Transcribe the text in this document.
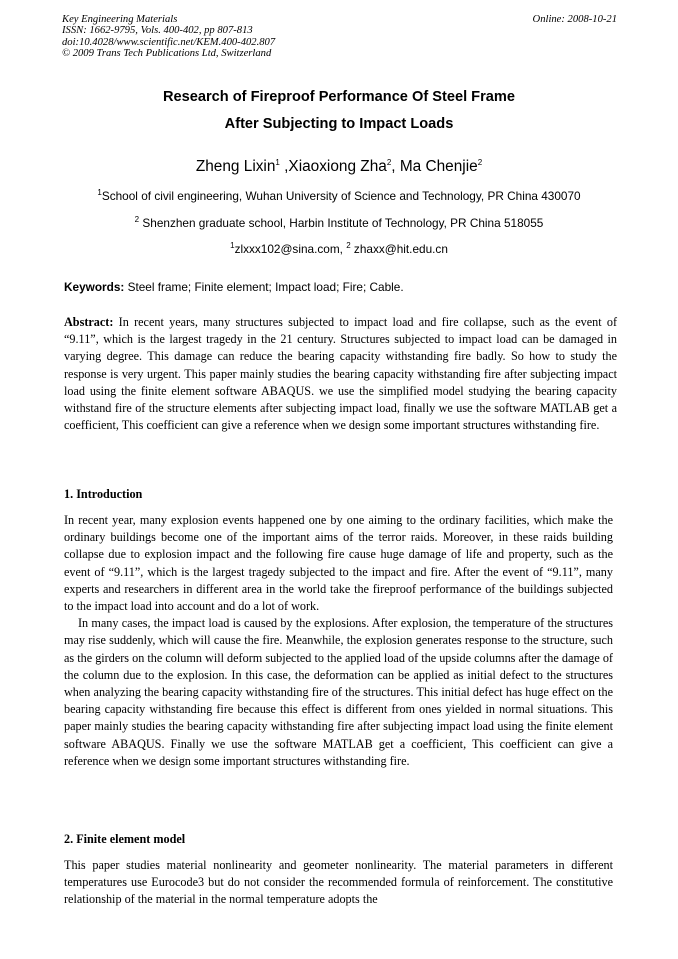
Key Engineering Materials
ISSN: 1662-9795, Vols. 400-402, pp 807-813
doi:10.4028/www.scientific.net/KEM.400-402.807
© 2009 Trans Tech Publications Ltd, Switzerland
Online: 2008-10-21
Research of Fireproof Performance Of Steel Frame
After Subjecting to Impact Loads
Zheng Lixin$^1$ ,Xiaoxiong Zha$^2$, Ma Chenjie$^2$
$^1$School of civil engineering, Wuhan University of Science and Technology, PR China 430070
$^2$ Shenzhen graduate school, Harbin Institute of Technology, PR China 518055
$^1$zlxxx102@sina.com, $^2$ zhaxx@hit.edu.cn
Keywords: Steel frame; Finite element; Impact load; Fire; Cable.
Abstract: In recent years, many structures subjected to impact load and fire collapse, such as the event of “9.11”, which is the largest tragedy in the 21 century. Structures subjected to impact load can be damaged in varying degree. This damage can reduce the bearing capacity withstanding fire badly. So how to study the response is very urgent. This paper mainly studies the bearing capacity withstanding fire after subjecting impact load using the finite element software ABAQUS. we use the simplified model studying the bearing capacity withstand fire of the structure elements after subjecting impact load, finally we use the software MATLAB get a coefficient, This coefficient can give a reference when we design some important structures withstanding fire.
1. Introduction

In recent year, many explosion events happened one by one aiming to the ordinary facilities, which make the ordinary buildings become one of the important aims of the terror raids. Moreover, in these raids building collapse due to explosion impact and the following fire cause huge damage of life and property, such as the event of “9.11”, which is the largest tragedy subjected to the impact and fire. After the event of “9.11”, many experts and researchers in different area in the world take the fireproof performance of the buildings subjected to the impact load into account and do a lot of work.

In many cases, the impact load is caused by the explosions. After explosion, the temperature of the structures may rise suddenly, which will cause the fire. Meanwhile, the explosion generates response to the structure, such as the girders on the column will deform subjected to the applied load of the upside columns after the damage of the column due to the explosion. In this case, the deformation can be applied as initial defect to the structures when analyzing the bearing capacity withstanding fire of the structures. This initial defect has huge effect on the bearing capacity withstanding fire because this effect is different from ones yielded in normal situations. This paper mainly studies the bearing capacity withstanding fire after subjecting impact load using the finite element software ABAQUS. Finally we use the software MATLAB get a coefficient, This coefficient can give a reference when we design some important structures withstanding fire.

2. Finite element model

This paper studies material nonlinearity and geometer nonlinearity. The material parameters in different temperatures use Eurocode3 but do not consider the recommended formula of reinforcement. The constitutive relationship of the material in the normal temperature adopts the
